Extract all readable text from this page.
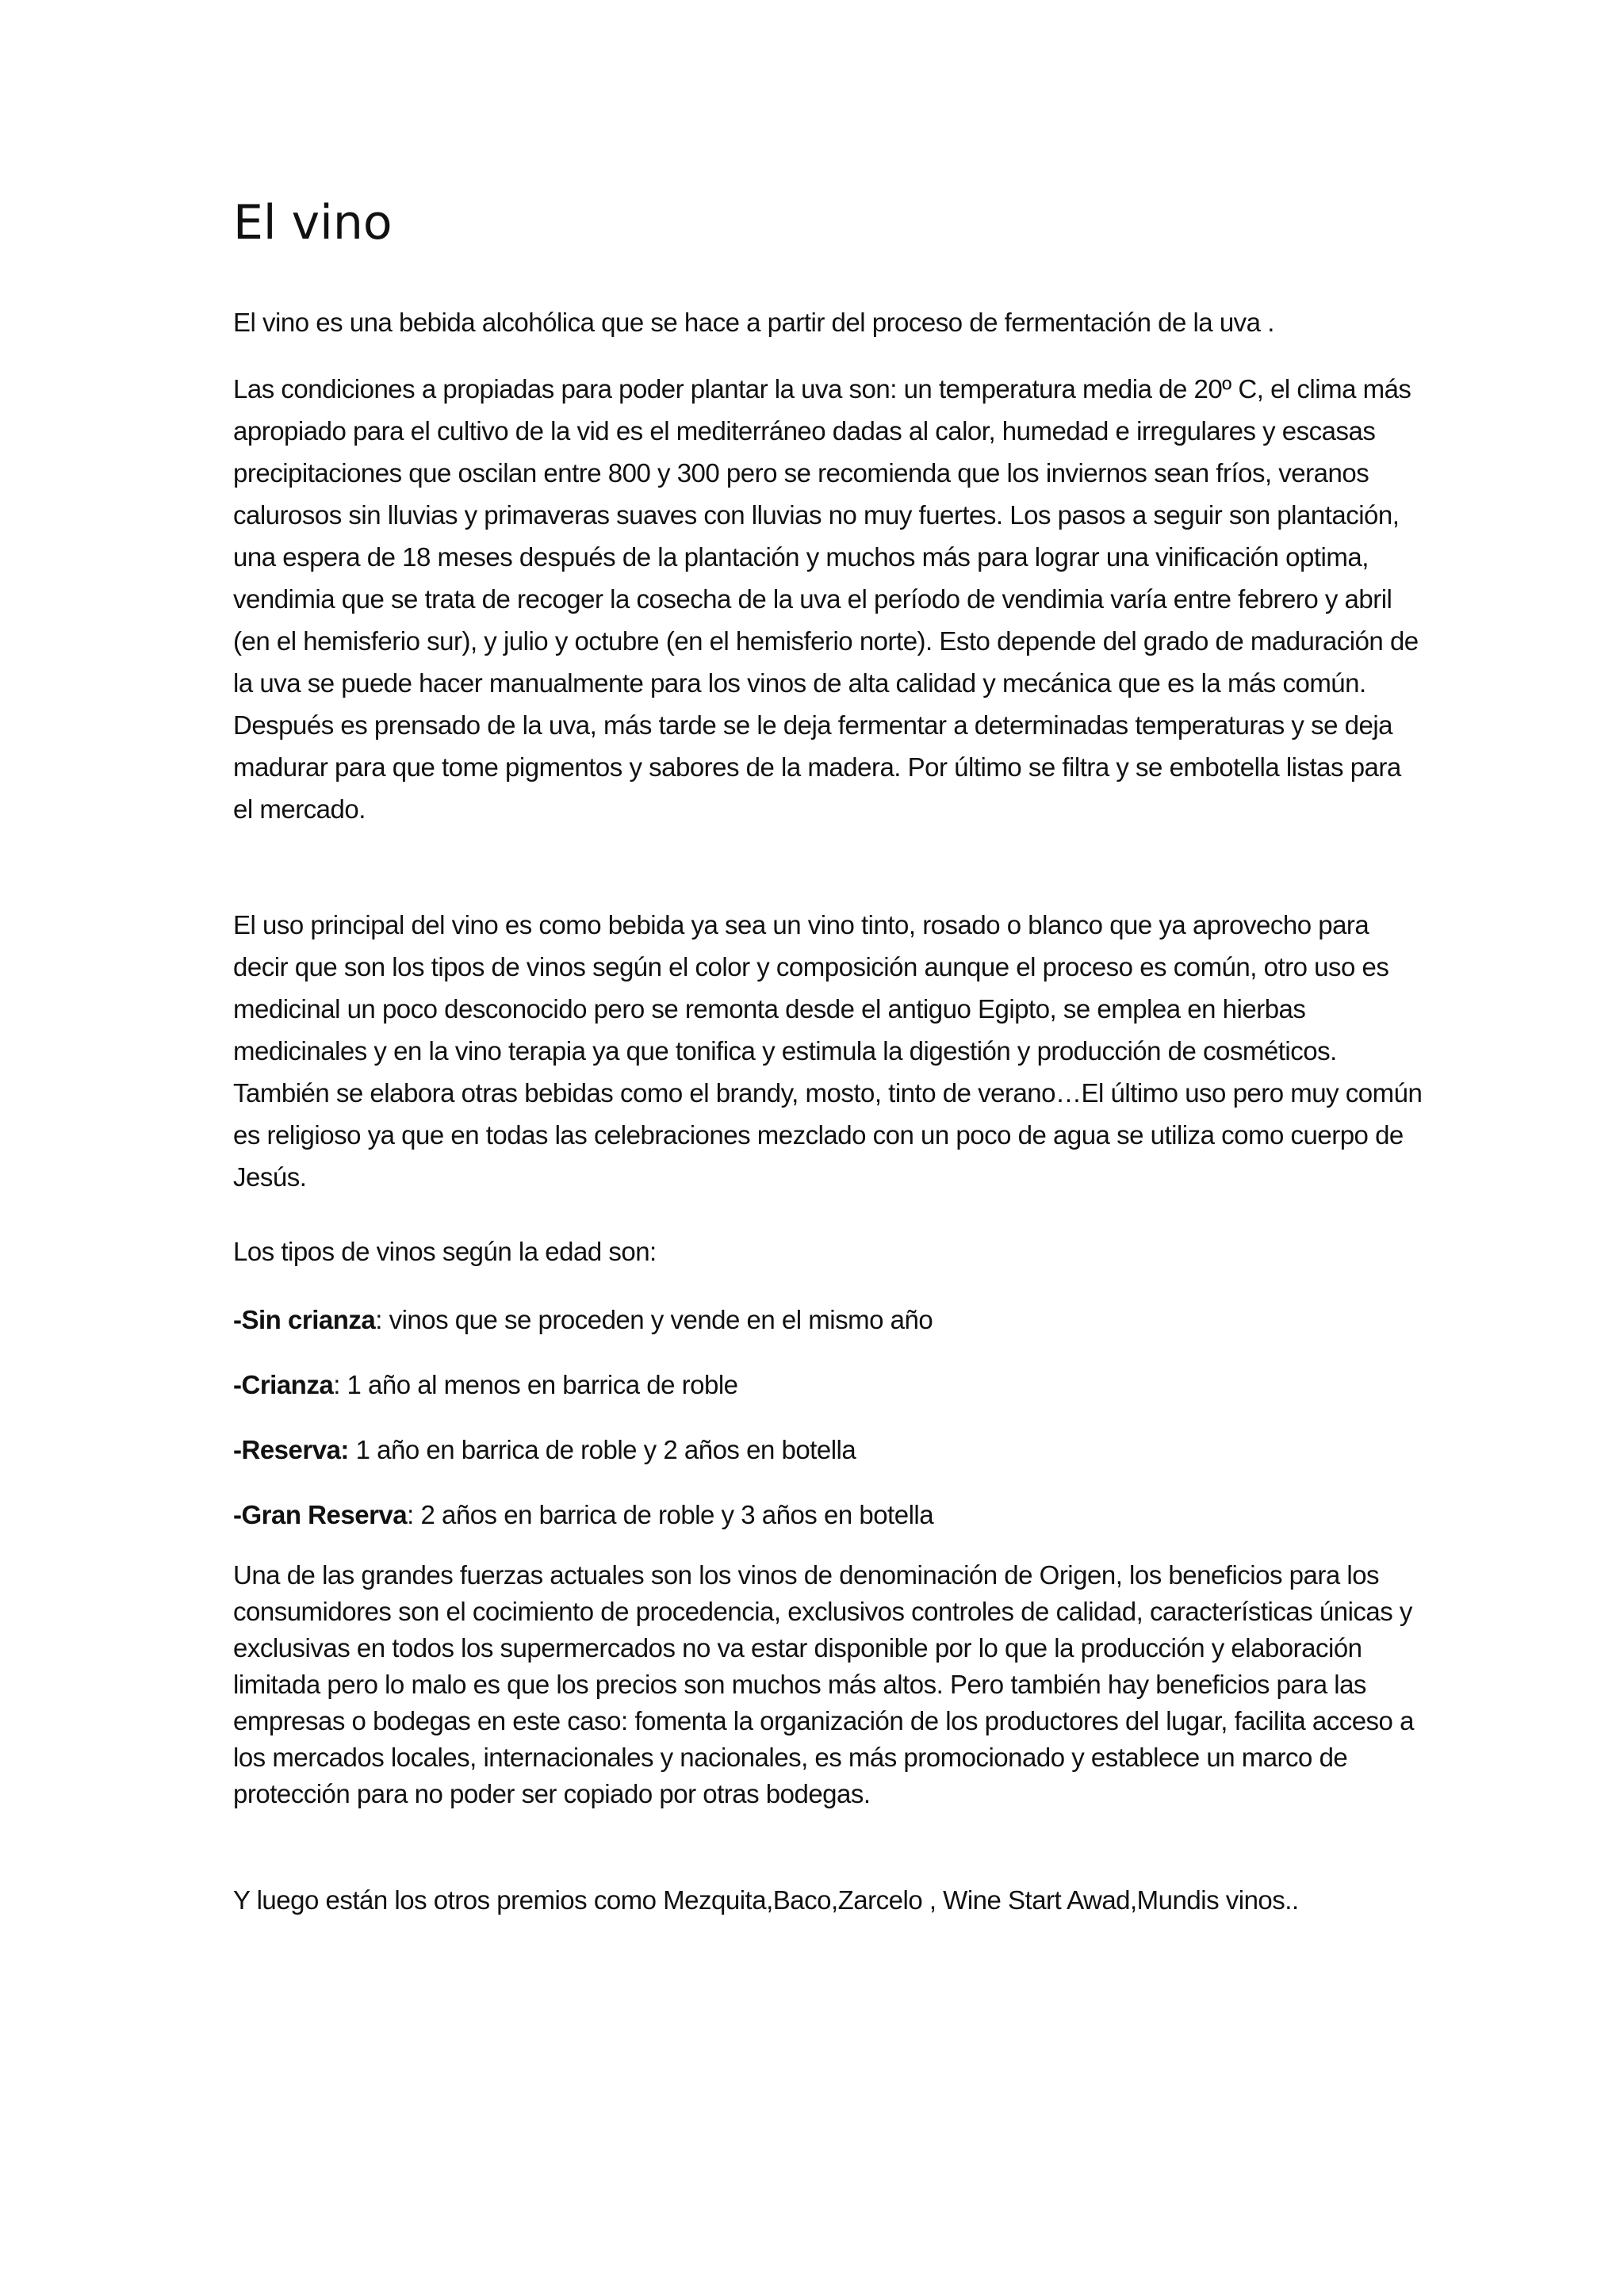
El vino

El vino es una bebida alcohólica que se hace a partir del proceso de fermentación de la uva .

Las condiciones a propiadas para poder plantar la uva son: un temperatura media de 20º C, el clima más apropiado para el cultivo de la vid es el mediterráneo dadas al calor, humedad e irregulares y escasas precipitaciones que oscilan entre 800 y 300 pero se recomienda que los inviernos sean fríos, veranos calurosos sin lluvias y primaveras suaves con lluvias no muy fuertes. Los pasos a seguir son plantación, una espera de 18 meses después de la plantación y muchos más para lograr una vinificación optima, vendimia que se trata de recoger la cosecha de la uva el período de vendimia varía entre febrero y abril (en el hemisferio sur), y julio y octubre (en el hemisferio norte). Esto depende del grado de maduración de la uva se puede hacer manualmente para los vinos de alta calidad y mecánica que es la más común. Después es prensado de la uva, más tarde se le deja fermentar a determinadas temperaturas y se deja madurar para que tome pigmentos y sabores de la madera. Por último se filtra y se embotella listas para el mercado.

El uso principal del vino es como bebida ya sea un vino tinto, rosado o blanco que ya aprovecho para decir que son los tipos de vinos según el color y composición aunque el proceso es común, otro uso es medicinal un poco desconocido pero se remonta desde el antiguo Egipto, se emplea en hierbas medicinales y en la vino terapia ya que tonifica y estimula la digestión y producción de cosméticos. También se elabora otras bebidas como el brandy, mosto, tinto de verano…El último uso pero muy común es religioso ya que en todas las celebraciones mezclado con un poco de agua se utiliza como cuerpo de Jesús.

Los tipos de vinos según la edad son:

-Sin crianza: vinos que se proceden y vende en el mismo año

-Crianza: 1 año al menos en barrica de roble

-Reserva: 1 año en barrica de roble y 2 años en botella

-Gran Reserva: 2 años en barrica de roble y 3 años en botella

Una de las grandes fuerzas actuales son los vinos de denominación de Origen, los beneficios para los consumidores son el cocimiento de procedencia, exclusivos controles de calidad, características únicas y exclusivas en todos los supermercados no va estar disponible por lo que la producción y elaboración limitada pero lo malo es que los precios son muchos más altos. Pero también hay beneficios para las empresas o bodegas en este caso: fomenta la organización de los productores del lugar, facilita acceso a los mercados locales, internacionales y nacionales, es más promocionado y establece un marco de protección para no poder ser copiado por otras bodegas.

Y luego están los otros premios como Mezquita,Baco,Zarcelo , Wine Start Awad,Mundis vinos..
